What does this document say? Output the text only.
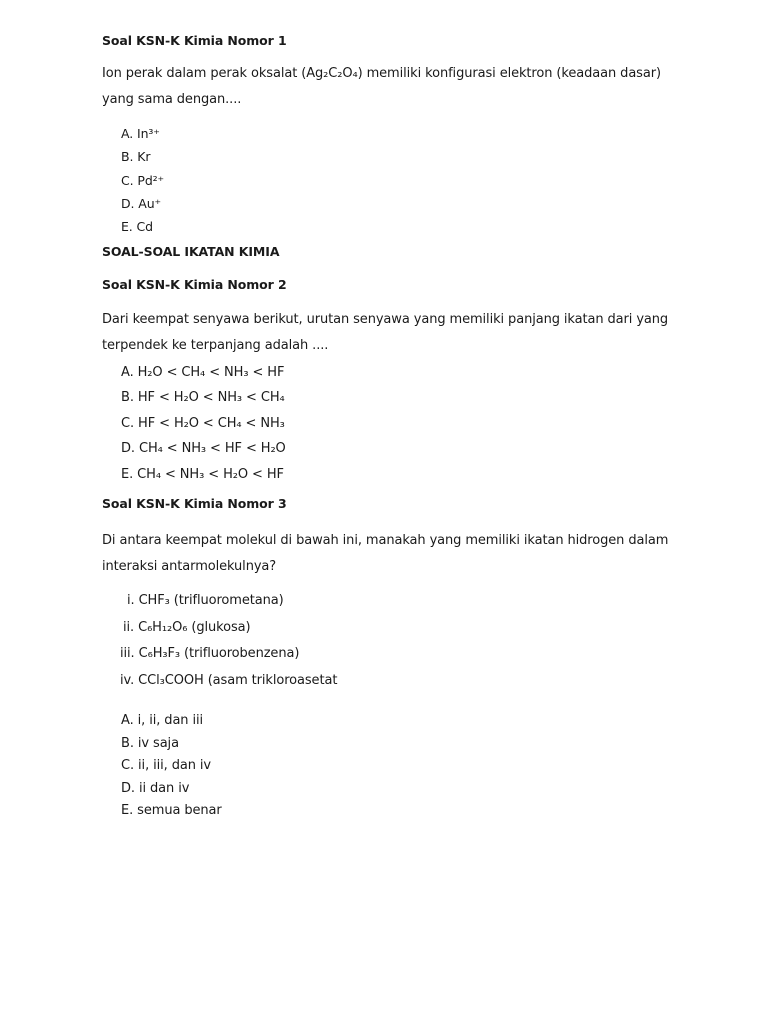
Soal KSN-K Kimia Nomor 1

Ion perak dalam perak oksalat (Ag₂C₂O₄) memiliki konfigurasi elektron (keadaan dasar) yang sama dengan....

A. In³⁺
B. Kr
C. Pd²⁺
D. Au⁺
E. Cd
SOAL-SOAL IKATAN KIMIA
Soal KSN-K Kimia Nomor 2

Dari keempat senyawa berikut, urutan senyawa yang memiliki panjang ikatan dari yang terpendek ke terpanjang adalah ....

A. H₂O < CH₄ < NH₃ < HF
B. HF < H₂O < NH₃ < CH₄
C. HF < H₂O < CH₄ < NH₃
D. CH₄ < NH₃ < HF < H₂O
E. CH₄ < NH₃ < H₂O < HF
Soal KSN-K Kimia Nomor 3

Di antara keempat molekul di bawah ini, manakah yang memiliki ikatan hidrogen dalam interaksi antarmolekulnya?

i. CHF₃ (trifluorometana)
ii. C₆H₁₂O₆ (glukosa)
iii. C₆H₃F₃ (trifluorobenzena)
iv. CCl₃COOH (asam trikloroasetat
A. i, ii, dan iii
B. iv saja
C. ii, iii, dan iv
D. ii dan iv
E. semua benar
